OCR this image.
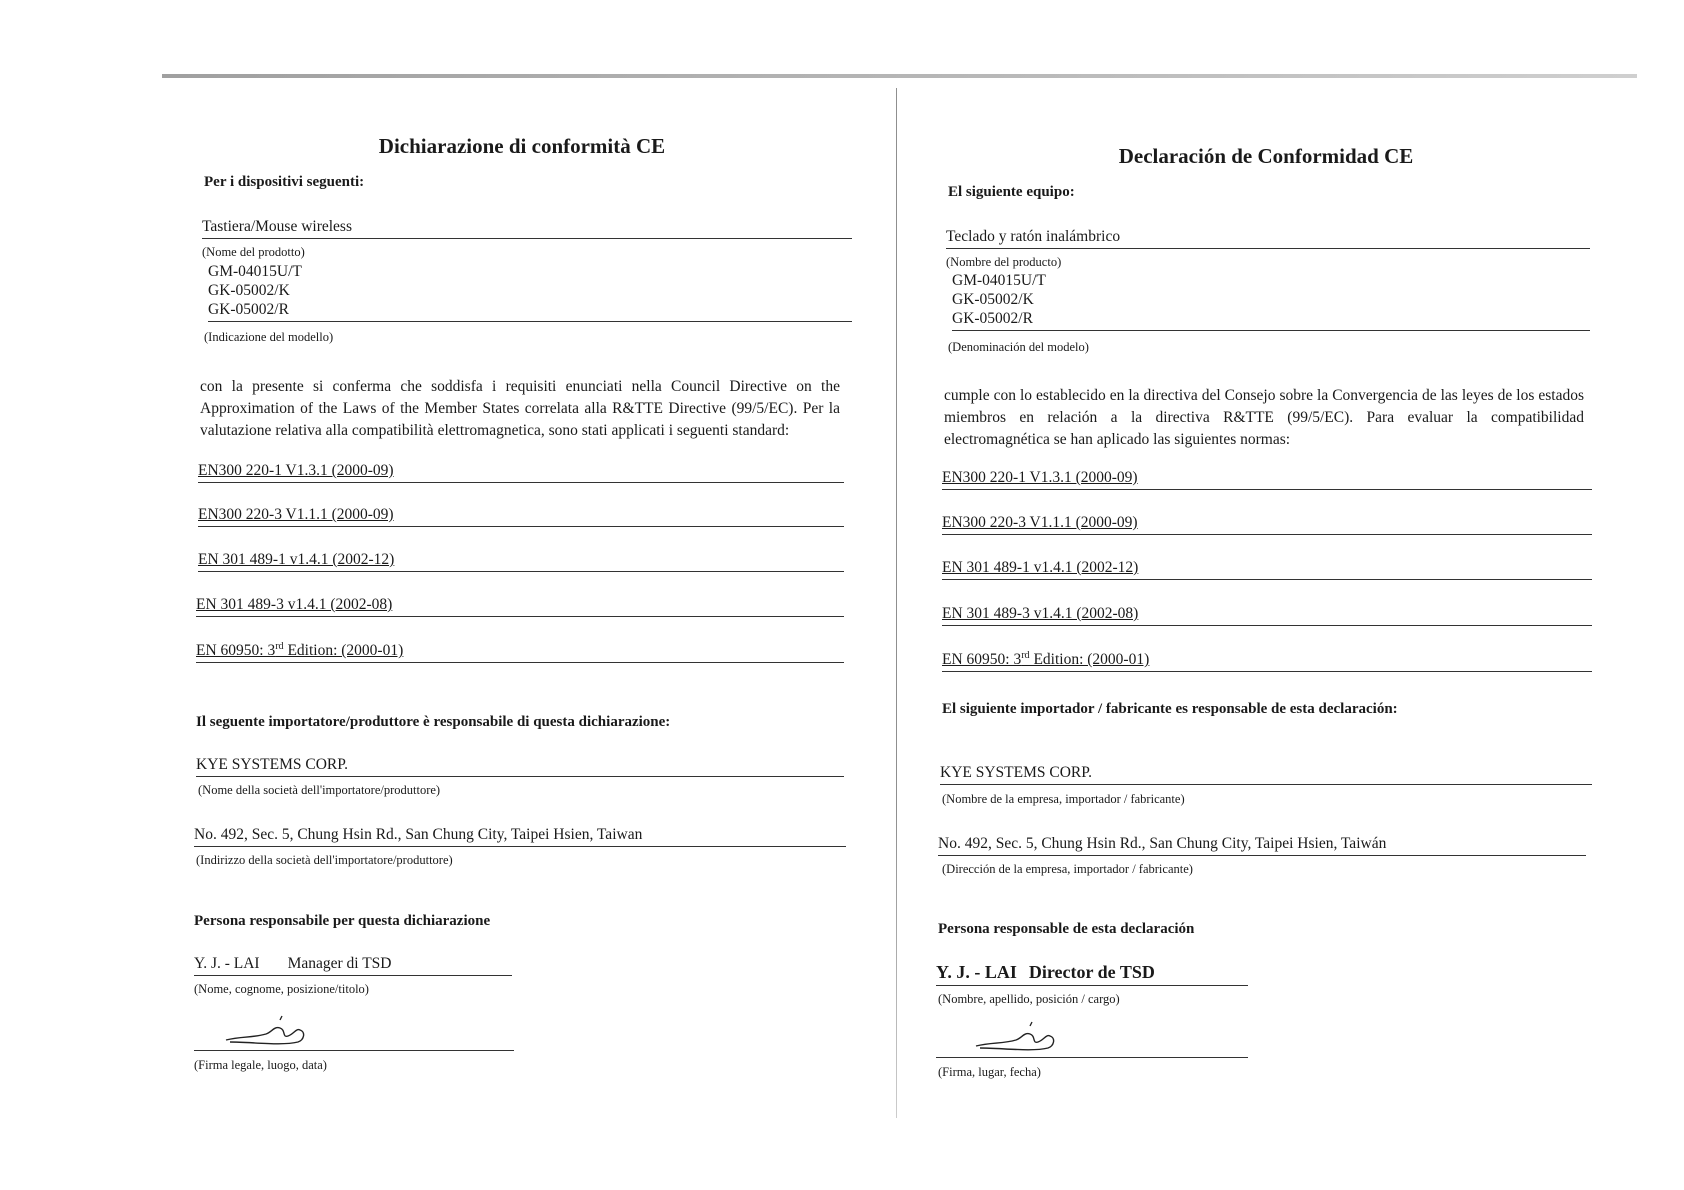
Dichiarazione di conformità CE
Per i dispositivi seguenti:
Tastiera/Mouse wireless
(Nome del prodotto)
GM-04015U/T
GK-05002/K
GK-05002/R
(Indicazione del modello)
con la presente si conferma che soddisfa i requisiti enunciati nella Council Directive on the Approximation of the Laws of the Member States correlata alla R&TTE Directive (99/5/EC). Per la valutazione relativa alla compatibilità elettromagnetica, sono stati applicati i seguenti standard:
EN300 220-1 V1.3.1 (2000-09)
EN300 220-3 V1.1.1 (2000-09)
EN 301 489-1 v1.4.1 (2002-12)
EN 301 489-3 v1.4.1 (2002-08)
EN 60950: 3rd Edition: (2000-01)
Il seguente importatore/produttore è responsabile di questa dichiarazione:
KYE SYSTEMS CORP.
(Nome della società dell'importatore/produttore)
No. 492, Sec. 5, Chung Hsin Rd., San Chung City, Taipei Hsien, Taiwan
(Indirizzo della società dell'importatore/produttore)
Persona responsabile per questa dichiarazione
Y. J. - LAI Manager di TSD
(Nome, cognome, posizione/titolo)
(Firma legale, luogo, data)
Declaración de Conformidad CE
El siguiente equipo:
Teclado y ratón inalámbrico
(Nombre del producto)
GM-04015U/T
GK-05002/K
GK-05002/R
(Denominación del modelo)
cumple con lo establecido en la directiva del Consejo sobre la Convergencia de las leyes de los estados miembros en relación a la directiva R&TTE (99/5/EC). Para evaluar la compatibilidad electromagnética se han aplicado las siguientes normas:
EN300 220-1 V1.3.1 (2000-09)
EN300 220-3 V1.1.1 (2000-09)
EN 301 489-1 v1.4.1 (2002-12)
EN 301 489-3 v1.4.1 (2002-08)
EN 60950: 3rd Edition: (2000-01)
El siguiente importador / fabricante es responsable de esta declaración:
KYE SYSTEMS CORP.
(Nombre de la empresa, importador / fabricante)
No. 492, Sec. 5, Chung Hsin Rd., San Chung City, Taipei Hsien, Taiwán
(Dirección de la empresa, importador / fabricante)
Persona responsable de esta declaración
Y. J. - LAI Director de TSD
(Nombre, apellido, posición / cargo)
(Firma, lugar, fecha)
